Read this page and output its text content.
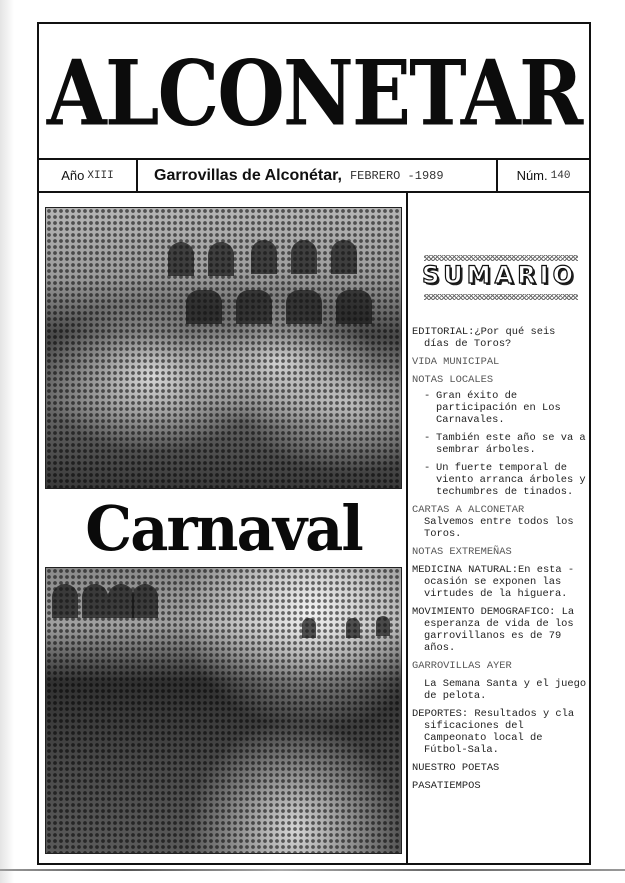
ALCONETAR
Año XIII	Garrovillas de Alconétar, FEBRERO -1989	Núm. 140
Carnaval
SUMARIO
EDITORIAL:¿Por qué seis
días de Toros?
VIDA MUNICIPAL
NOTAS LOCALES
- Gran éxito de participación en Los Carnavales.
- También este año se va a sembrar árboles.
- Un fuerte temporal de viento arranca árboles y techumbres de tinados.
CARTAS A ALCONETAR
Salvemos entre todos los Toros.
NOTAS EXTREMEÑAS
MEDICINA NATURAL:En esta -
ocasión se exponen las virtudes de la higuera.
MOVIMIENTO DEMOGRAFICO: La
esperanza de vida de los garrovillanos es de 79 años.
GARROVILLAS AYER
La Semana Santa y el juego de pelota.
DEPORTES: Resultados y cla
sificaciones del Campeonato local de Fútbol-Sala.
NUESTRO POETAS
PASATIEMPOS
